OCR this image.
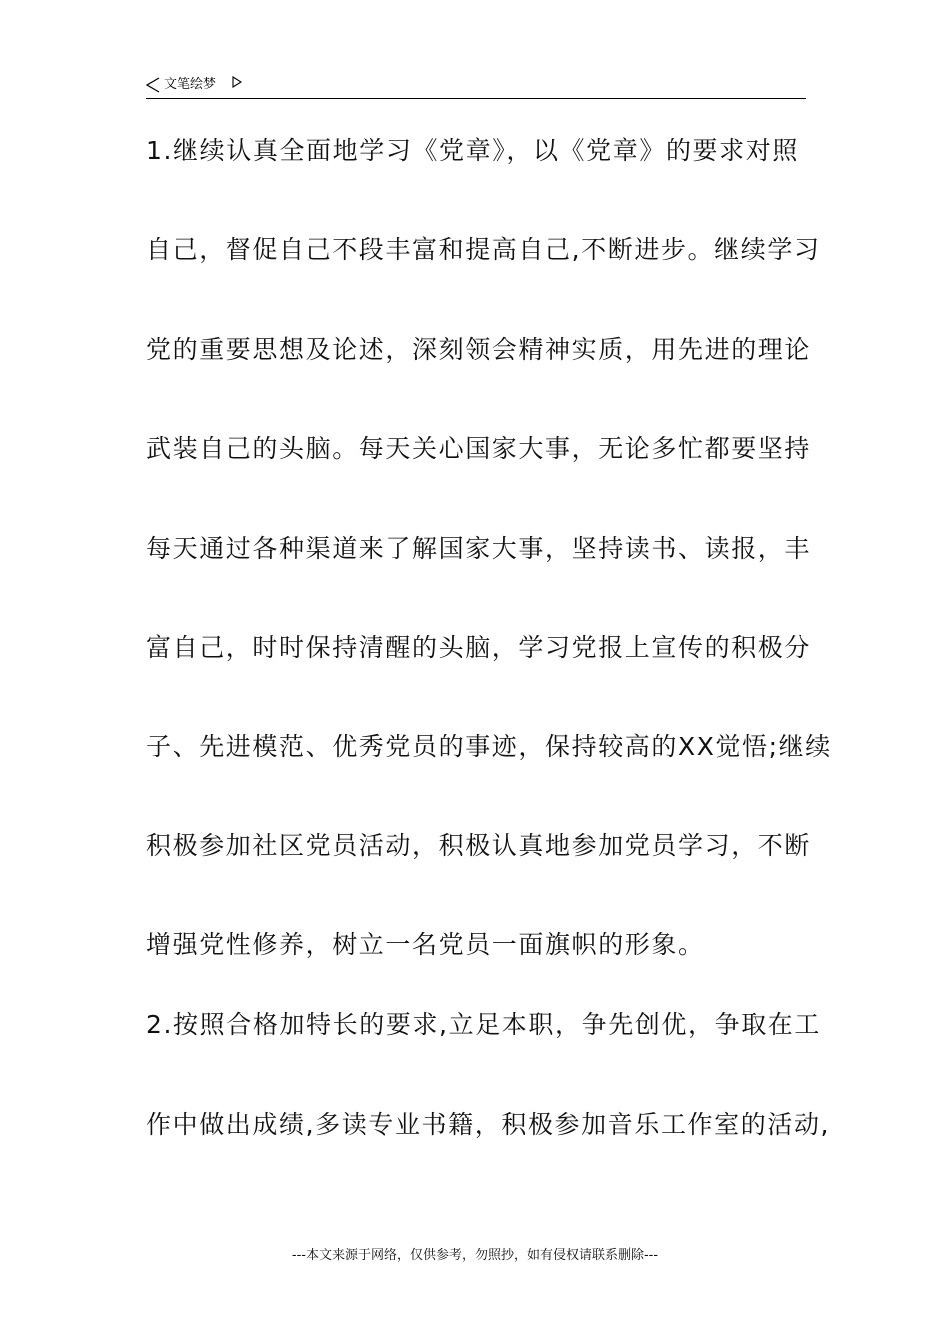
文笔绘梦
1.继续认真全面地学习《党章》，以《党章》的要求对照
自己，督促自己不段丰富和提高自己,不断进步。继续学习
党的重要思想及论述，深刻领会精神实质，用先进的理论
武装自己的头脑。每天关心国家大事，无论多忙都要坚持
每天通过各种渠道来了解国家大事，坚持读书、读报，丰
富自己，时时保持清醒的头脑，学习党报上宣传的积极分
子、先进模范、优秀党员的事迹，保持较高的XX觉悟;继续
积极参加社区党员活动，积极认真地参加党员学习，不断
增强党性修养，树立一名党员一面旗帜的形象。
2.按照合格加特长的要求,立足本职，争先创优，争取在工
作中做出成绩,多读专业书籍，积极参加音乐工作室的活动,
---本文来源于网络，仅供参考，勿照抄，如有侵权请联系删除---
